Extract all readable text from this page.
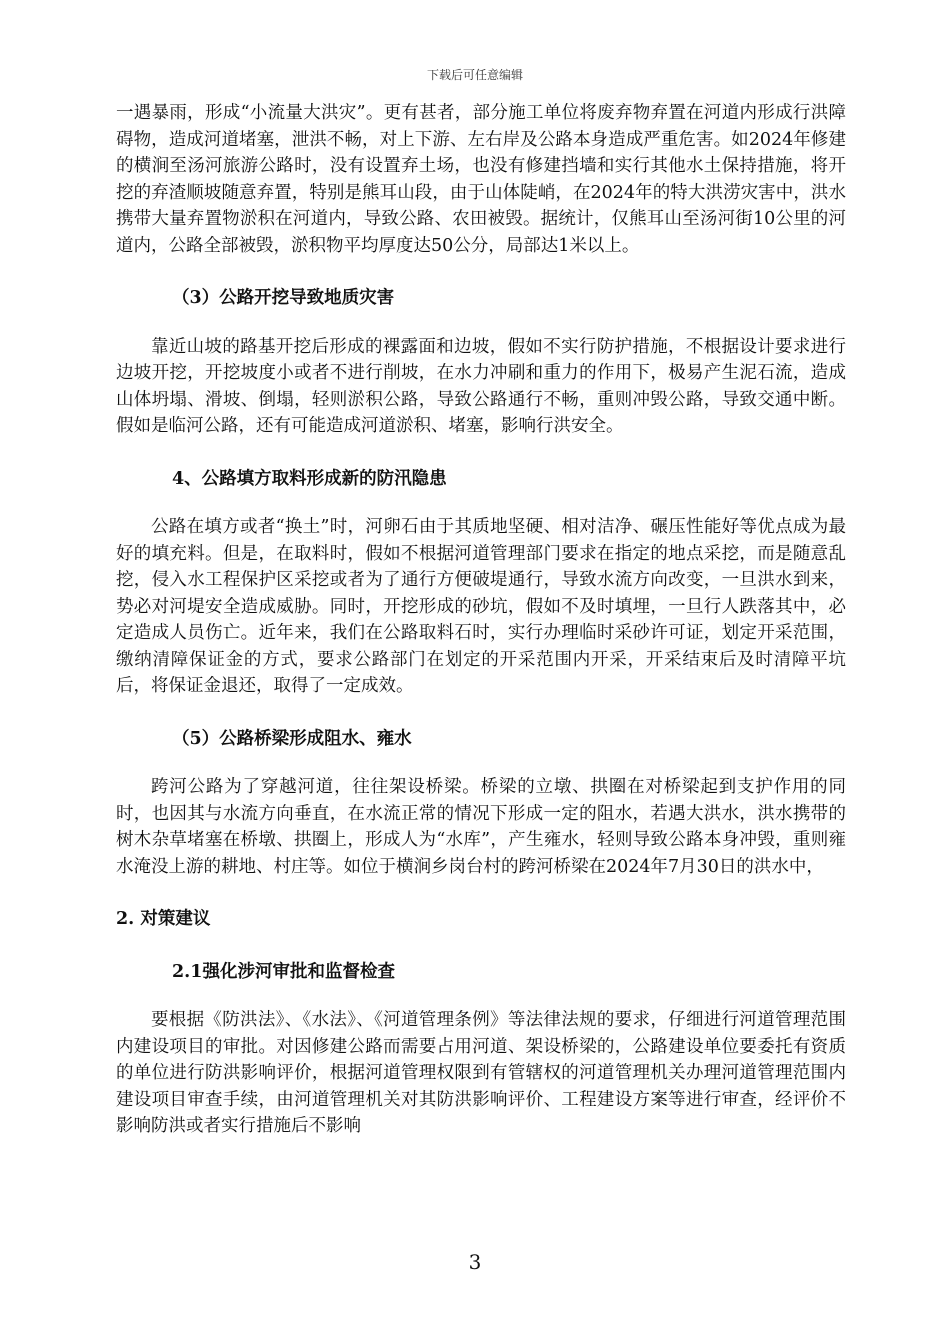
下载后可任意编辑

一遇暴雨，形成“小流量大洪灾”。更有甚者，部分施工单位将废弃物弃置在河道内形成行洪障碍物，造成河道堵塞，泄洪不畅，对上下游、左右岸及公路本身造成严重危害。如2024年修建的横涧至汤河旅游公路时，没有设置弃土场，也没有修建挡墙和实行其他水土保持措施，将开挖的弃渣顺坡随意弃置，特别是熊耳山段，由于山体陡峭，在2024年的特大洪涝灾害中，洪水携带大量弃置物淤积在河道内，导致公路、农田被毁。据统计，仅熊耳山至汤河街10公里的河道内，公路全部被毁，淤积物平均厚度达50公分，局部达1米以上。

（3）公路开挖导致地质灾害

靠近山坡的路基开挖后形成的裸露面和边坡，假如不实行防护措施，不根据设计要求进行边坡开挖，开挖坡度小或者不进行削坡，在水力冲刷和重力的作用下，极易产生泥石流，造成山体坍塌、滑坡、倒塌，轻则淤积公路，导致公路通行不畅，重则冲毁公路，导致交通中断。假如是临河公路，还有可能造成河道淤积、堵塞，影响行洪安全。

4、公路填方取料形成新的防汛隐患

公路在填方或者“换土”时，河卵石由于其质地坚硬、相对洁净、碾压性能好等优点成为最好的填充料。但是，在取料时，假如不根据河道管理部门要求在指定的地点采挖，而是随意乱挖，侵入水工程保护区采挖或者为了通行方便破堤通行，导致水流方向改变，一旦洪水到来，势必对河堤安全造成威胁。同时，开挖形成的砂坑，假如不及时填埋，一旦行人跌落其中，必定造成人员伤亡。近年来，我们在公路取料石时，实行办理临时采砂许可证，划定开采范围，缴纳清障保证金的方式，要求公路部门在划定的开采范围内开采，开采结束后及时清障平坑后，将保证金退还，取得了一定成效。

（5）公路桥梁形成阻水、雍水

跨河公路为了穿越河道，往往架设桥梁。桥梁的立墩、拱圈在对桥梁起到支护作用的同时，也因其与水流方向垂直，在水流正常的情况下形成一定的阻水，若遇大洪水，洪水携带的树木杂草堵塞在桥墩、拱圈上，形成人为“水库”，产生雍水，轻则导致公路本身冲毁，重则雍水淹没上游的耕地、村庄等。如位于横涧乡岗台村的跨河桥梁在2024年7月30日的洪水中，

2. 对策建议
2.1强化涉河审批和监督检查

要根据《防洪法》、《水法》、《河道管理条例》等法律法规的要求，仔细进行河道管理范围内建设项目的审批。对因修建公路而需要占用河道、架设桥梁的，公路建设单位要委托有资质的单位进行防洪影响评价，根据河道管理权限到有管辖权的河道管理机关办理河道管理范围内建设项目审查手续，由河道管理机关对其防洪影响评价、工程建设方案等进行审查，经评价不影响防洪或者实行措施后不影响

3
